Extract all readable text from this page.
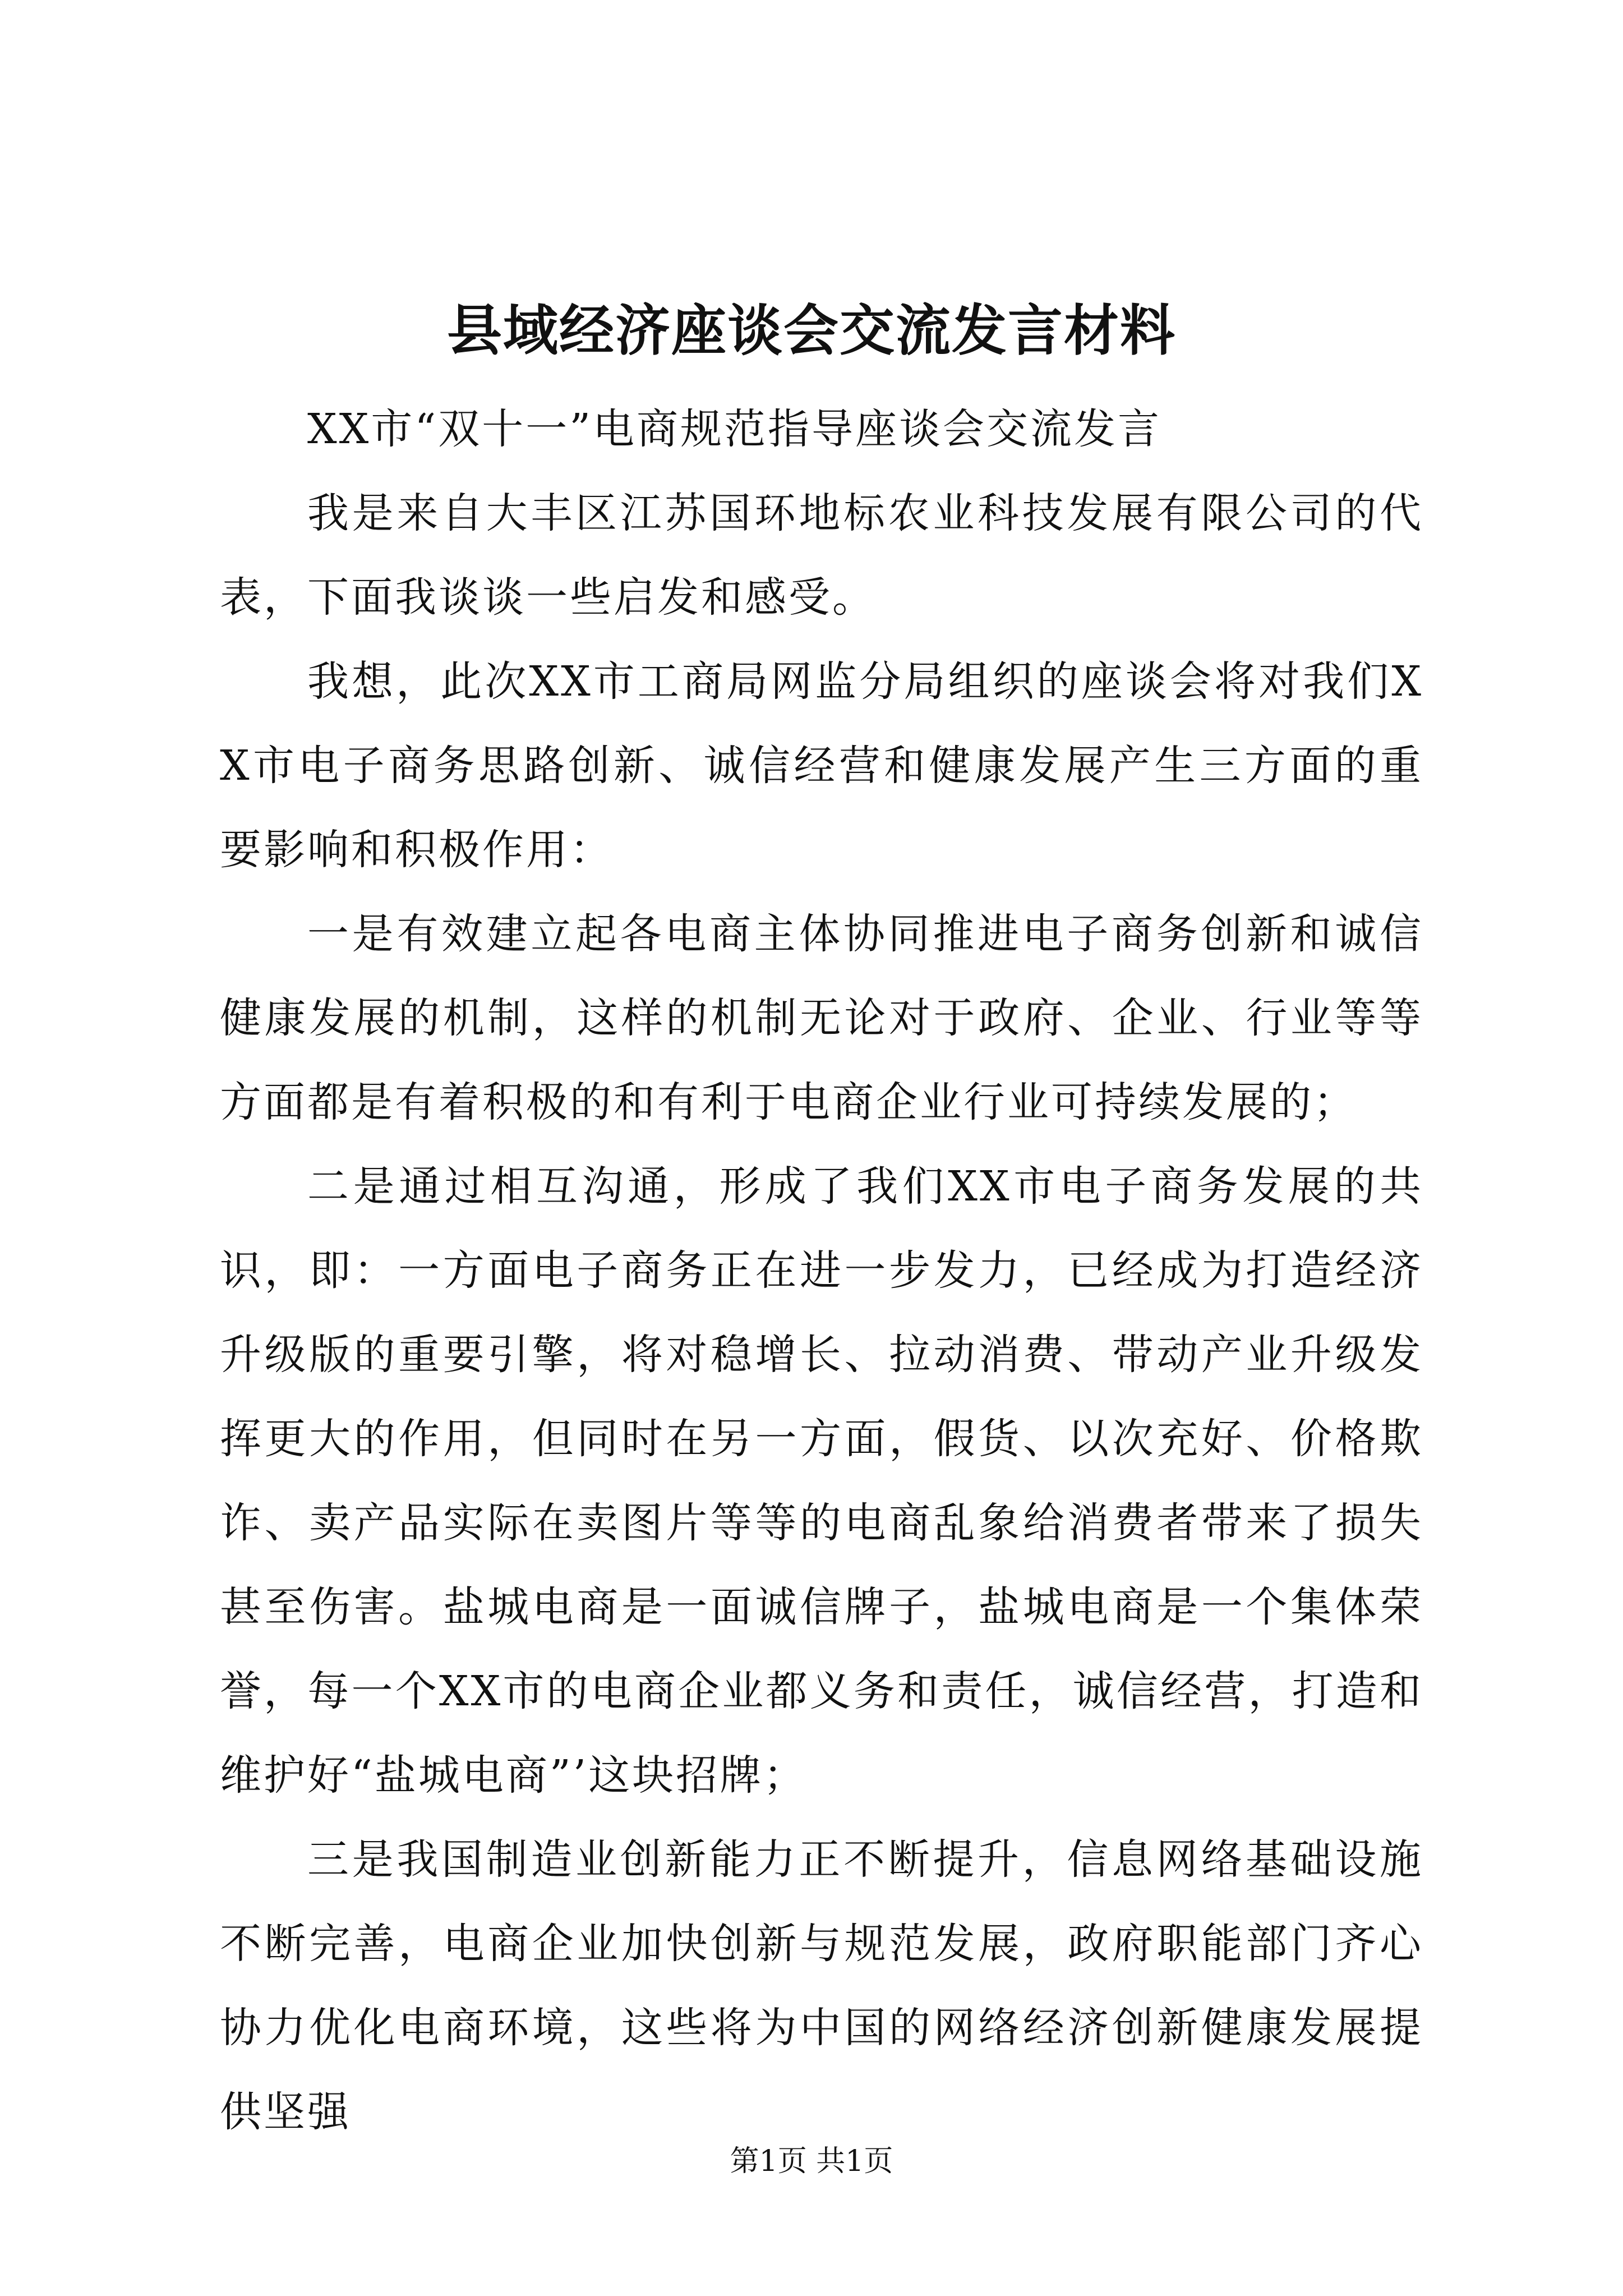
县域经济座谈会交流发言材料

XX市“双十一”电商规范指导座谈会交流发言

我是来自大丰区江苏国环地标农业科技发展有限公司的代表，下面我谈谈一些启发和感受。

我想，此次XX市工商局网监分局组织的座谈会将对我们XX市电子商务思路创新、诚信经营和健康发展产生三方面的重要影响和积极作用：

一是有效建立起各电商主体协同推进电子商务创新和诚信健康发展的机制，这样的机制无论对于政府、企业、行业等等方面都是有着积极的和有利于电商企业行业可持续发展的；

二是通过相互沟通，形成了我们XX市电子商务发展的共识，即：一方面电子商务正在进一步发力，已经成为打造经济升级版的重要引擎，将对稳增长、拉动消费、带动产业升级发挥更大的作用，但同时在另一方面，假货、以次充好、价格欺诈、卖产品实际在卖图片等等的电商乱象给消费者带来了损失甚至伤害。盐城电商是一面诚信牌子，盐城电商是一个集体荣誉，每一个XX市的电商企业都义务和责任，诚信经营，打造和维护好“盐城电商”’这块招牌；

三是我国制造业创新能力正不断提升，信息网络基础设施不断完善，电商企业加快创新与规范发展，政府职能部门齐心协力优化电商环境，这些将为中国的网络经济创新健康发展提供坚强

第1页 共1页
